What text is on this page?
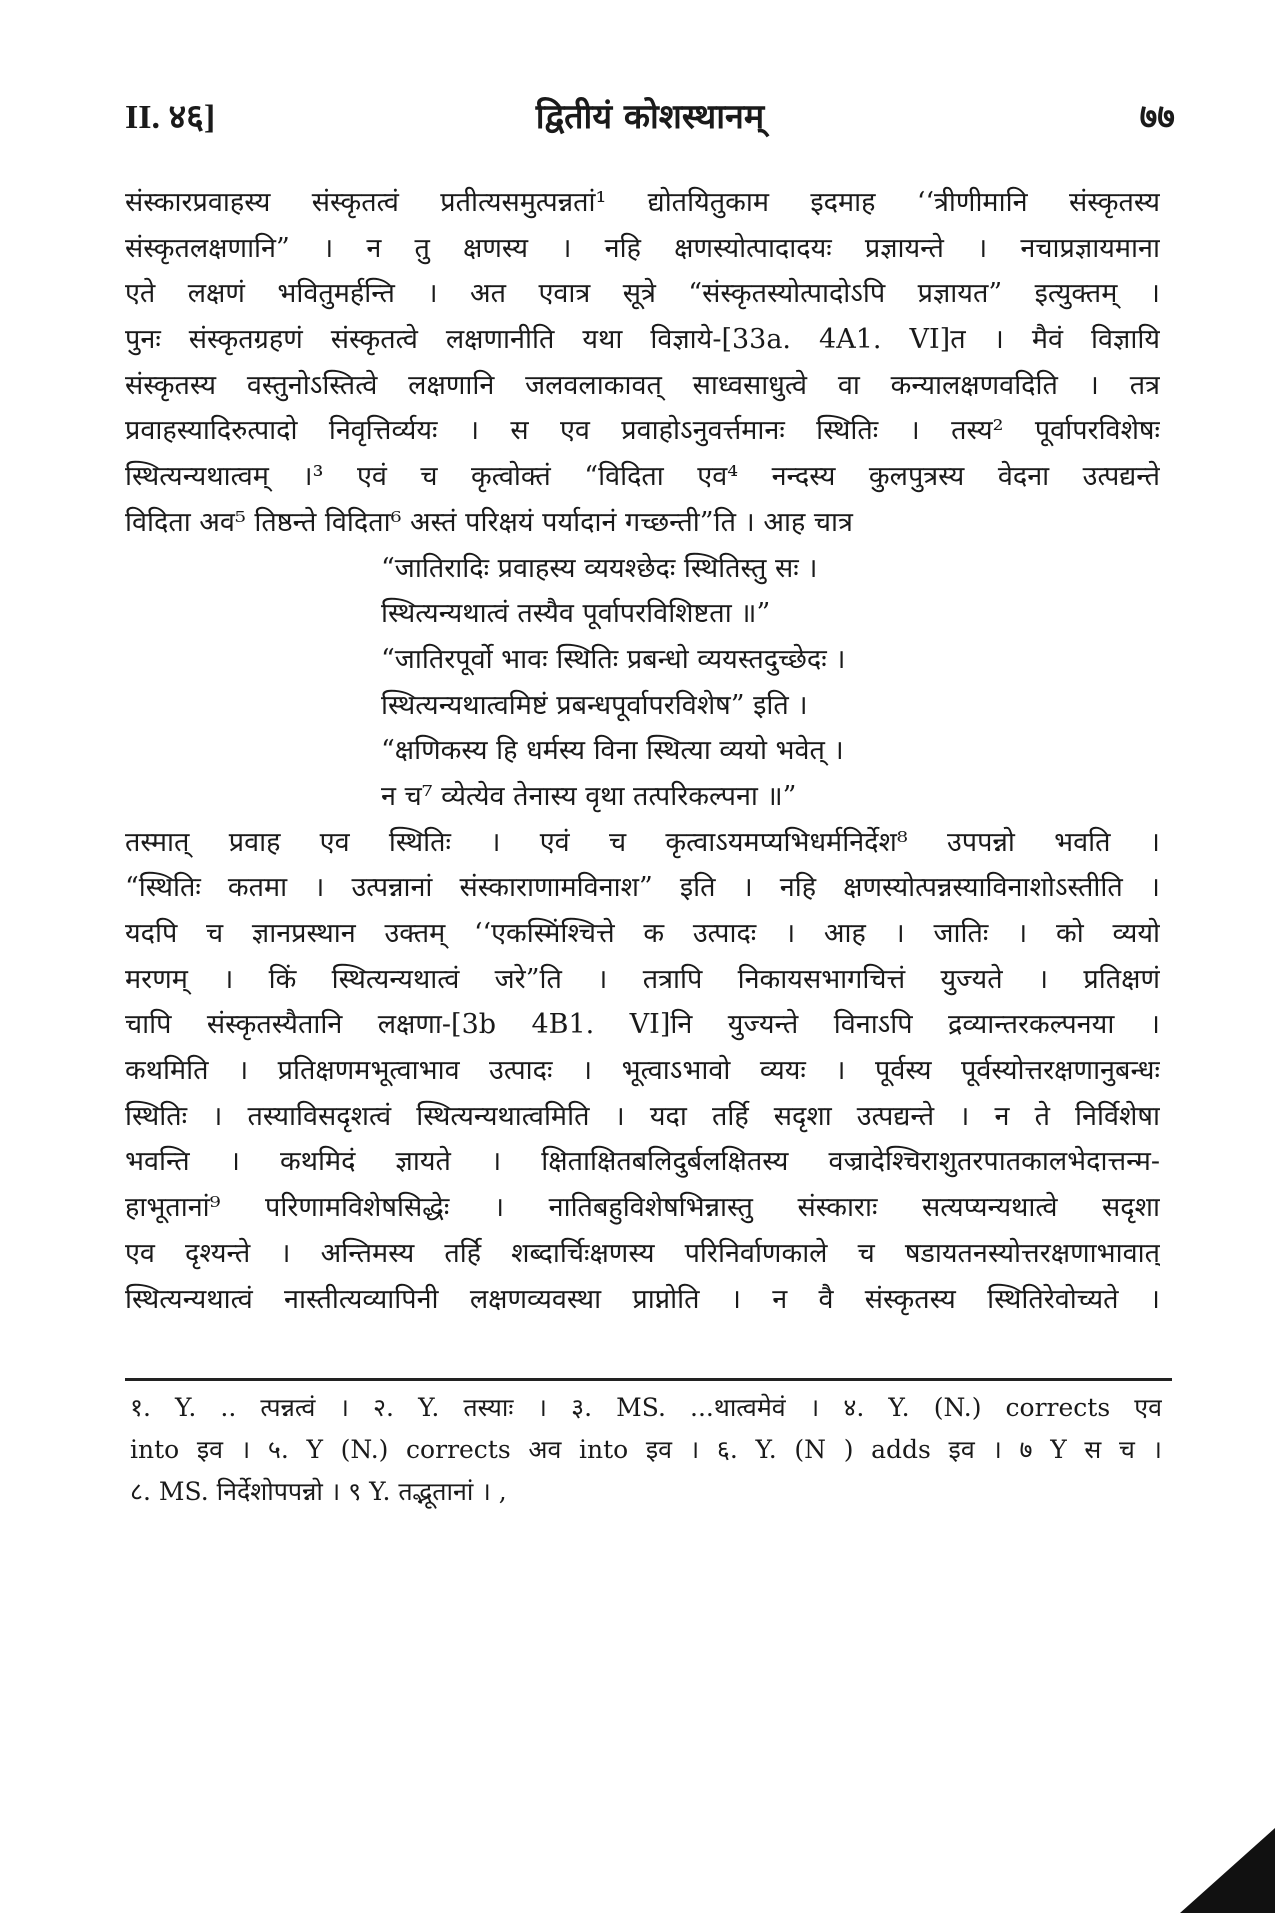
द्वितीयं कोशस्थानम्
II. ४६]	७७
संस्कारप्रवाहस्य संस्कृतत्वं प्रतीत्यसमुत्पन्नतां¹ द्योतयितुकाम इदमाह ‘‘त्रीणीमानि संस्कृतस्य
संस्कृतलक्षणानि” । न तु क्षणस्य । नहि क्षणस्योत्पादादयः प्रज्ञायन्ते । नचाप्रज्ञायमाना
एते लक्षणं भवितुमर्हन्ति । अत एवात्र सूत्रे “संस्कृतस्योत्पादोऽपि प्रज्ञायत” इत्युक्तम् ।
पुनः संस्कृतग्रहणं संस्कृतत्वे लक्षणानीति यथा विज्ञाये-[33a. 4A1. VI]त । मैवं विज्ञायि
संस्कृतस्य वस्तुनोऽस्तित्वे लक्षणानि जलवलाकावत् साध्वसाधुत्वे वा कन्यालक्षणवदिति । तत्र
प्रवाहस्यादिरुत्पादो निवृत्तिर्व्ययः । स एव प्रवाहोऽनुवर्त्तमानः स्थितिः । तस्य² पूर्वापरविशेषः
स्थित्यन्यथात्वम् ।³ एवं च कृत्वोक्तं “विदिता एव⁴ नन्दस्य कुलपुत्रस्य वेदना उत्पद्यन्ते
विदिता अव⁵ तिष्ठन्ते विदिता⁶ अस्तं परिक्षयं पर्यादानं गच्छन्ती”ति । आह चात्र
“जातिरादिः प्रवाहस्य व्ययश्छेदः स्थितिस्तु सः ।
स्थित्यन्यथात्वं तस्यैव पूर्वापरविशिष्टता ॥”
“जातिरपूर्वो भावः स्थितिः प्रबन्धो व्ययस्तदुच्छेदः ।
स्थित्यन्यथात्वमिष्टं प्रबन्धपूर्वापरविशेष” इति ।
“क्षणिकस्य हि धर्मस्य विना स्थित्या व्ययो भवेत् ।
न च⁷ व्येत्येव तेनास्य वृथा तत्परिकल्पना ॥”
तस्मात् प्रवाह एव स्थितिः । एवं च कृत्वाऽयमप्यभिधर्मनिर्देश⁸ उपपन्नो भवति ।
“स्थितिः कतमा । उत्पन्नानां संस्काराणामविनाश” इति । नहि क्षणस्योत्पन्नस्याविनाशोऽस्तीति ।
यदपि च ज्ञानप्रस्थान उक्तम् ‘‘एकस्मिंश्चित्ते क उत्पादः । आह । जातिः । को व्ययो
मरणम् । किं स्थित्यन्यथात्वं जरे”ति । तत्रापि निकायसभागचित्तं युज्यते । प्रतिक्षणं
चापि संस्कृतस्यैतानि लक्षणा-[3b 4B1. VI]नि युज्यन्ते विनाऽपि द्रव्यान्तरकल्पनया ।
कथमिति । प्रतिक्षणमभूत्वाभाव उत्पादः । भूत्वाऽभावो व्ययः । पूर्वस्य पूर्वस्योत्तरक्षणानुबन्धः
स्थितिः । तस्याविसदृशत्वं स्थित्यन्यथात्वमिति । यदा तर्हि सदृशा उत्पद्यन्ते । न ते निर्विशेषा
भवन्ति । कथमिदं ज्ञायते । क्षिताक्षितबलिदुर्बलक्षितस्य वज्रादेश्चिराशुतरपातकालभेदात्तन्म-
हाभूतानां⁹ परिणामविशेषसिद्धेः । नातिबहुविशेषभिन्नास्तु संस्काराः सत्यप्यन्यथात्वे सदृशा
एव दृश्यन्ते । अन्तिमस्य तर्हि शब्दार्चिःक्षणस्य परिनिर्वाणकाले च षडायतनस्योत्तरक्षणाभावात्
स्थित्यन्यथात्वं नास्तीत्यव्यापिनी लक्षणव्यवस्था प्राप्नोति । न वै संस्कृतस्य स्थितिरेवोच्यते ।
१. Y. .. त्पन्नत्वं । २. Y. तस्याः । ३. MS. ...थात्वमेवं । ४. Y. (N.) corrects एव
into इव । ५. Y (N.) corrects अव into इव । ६. Y. (N ) adds इव । ७ Y स च ।
८. MS. निर्देशोपपन्नो । ९ Y. तद्भूतानां । ,
